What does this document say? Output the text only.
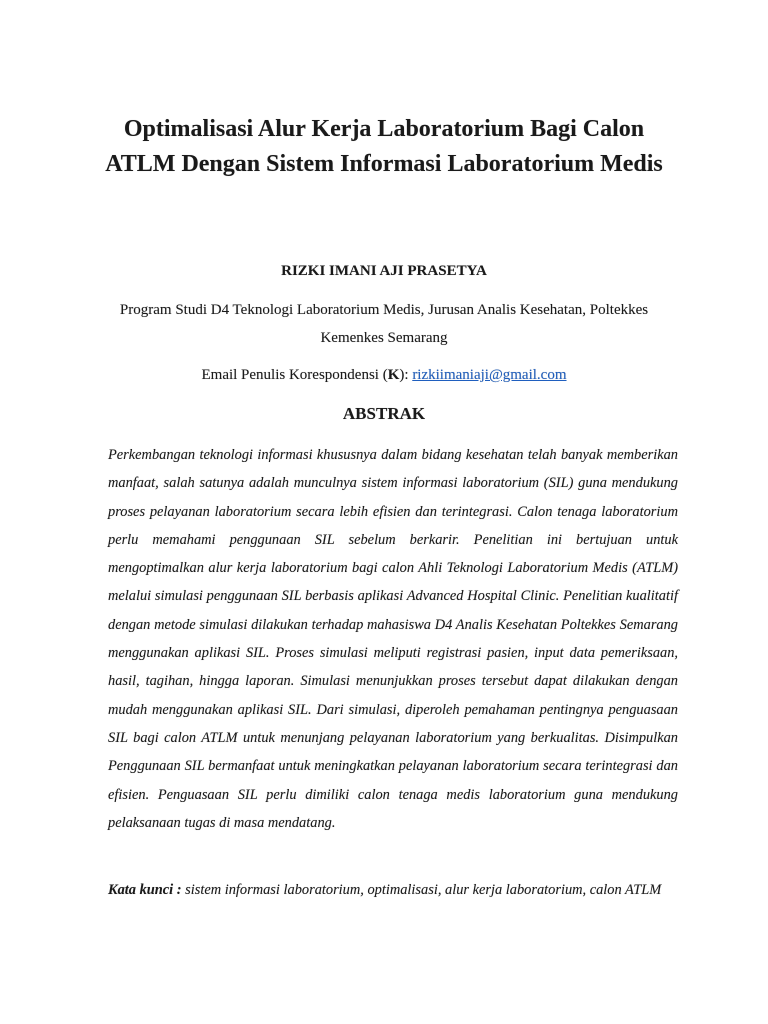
Optimalisasi Alur Kerja Laboratorium Bagi Calon ATLM Dengan Sistem Informasi Laboratorium Medis
RIZKI IMANI AJI PRASETYA
Program Studi D4 Teknologi Laboratorium Medis, Jurusan Analis Kesehatan, Poltekkes Kemenkes Semarang
Email Penulis Korespondensi (K): rizkiimaniaji@gmail.com
ABSTRAK

Perkembangan teknologi informasi khususnya dalam bidang kesehatan telah banyak memberikan manfaat, salah satunya adalah munculnya sistem informasi laboratorium (SIL) guna mendukung proses pelayanan laboratorium secara lebih efisien dan terintegrasi. Calon tenaga laboratorium perlu memahami penggunaan SIL sebelum berkarir. Penelitian ini bertujuan untuk mengoptimalkan alur kerja laboratorium bagi calon Ahli Teknologi Laboratorium Medis (ATLM) melalui simulasi penggunaan SIL berbasis aplikasi Advanced Hospital Clinic. Penelitian kualitatif dengan metode simulasi dilakukan terhadap mahasiswa D4 Analis Kesehatan Poltekkes Semarang menggunakan aplikasi SIL. Proses simulasi meliputi registrasi pasien, input data pemeriksaan, hasil, tagihan, hingga laporan. Simulasi menunjukkan proses tersebut dapat dilakukan dengan mudah menggunakan aplikasi SIL. Dari simulasi, diperoleh pemahaman pentingnya penguasaan SIL bagi calon ATLM untuk menunjang pelayanan laboratorium yang berkualitas. Disimpulkan Penggunaan SIL bermanfaat untuk meningkatkan pelayanan laboratorium secara terintegrasi dan efisien. Penguasaan SIL perlu dimiliki calon tenaga medis laboratorium guna mendukung pelaksanaan tugas di masa mendatang.

Kata kunci : sistem informasi laboratorium, optimalisasi, alur kerja laboratorium, calon ATLM
